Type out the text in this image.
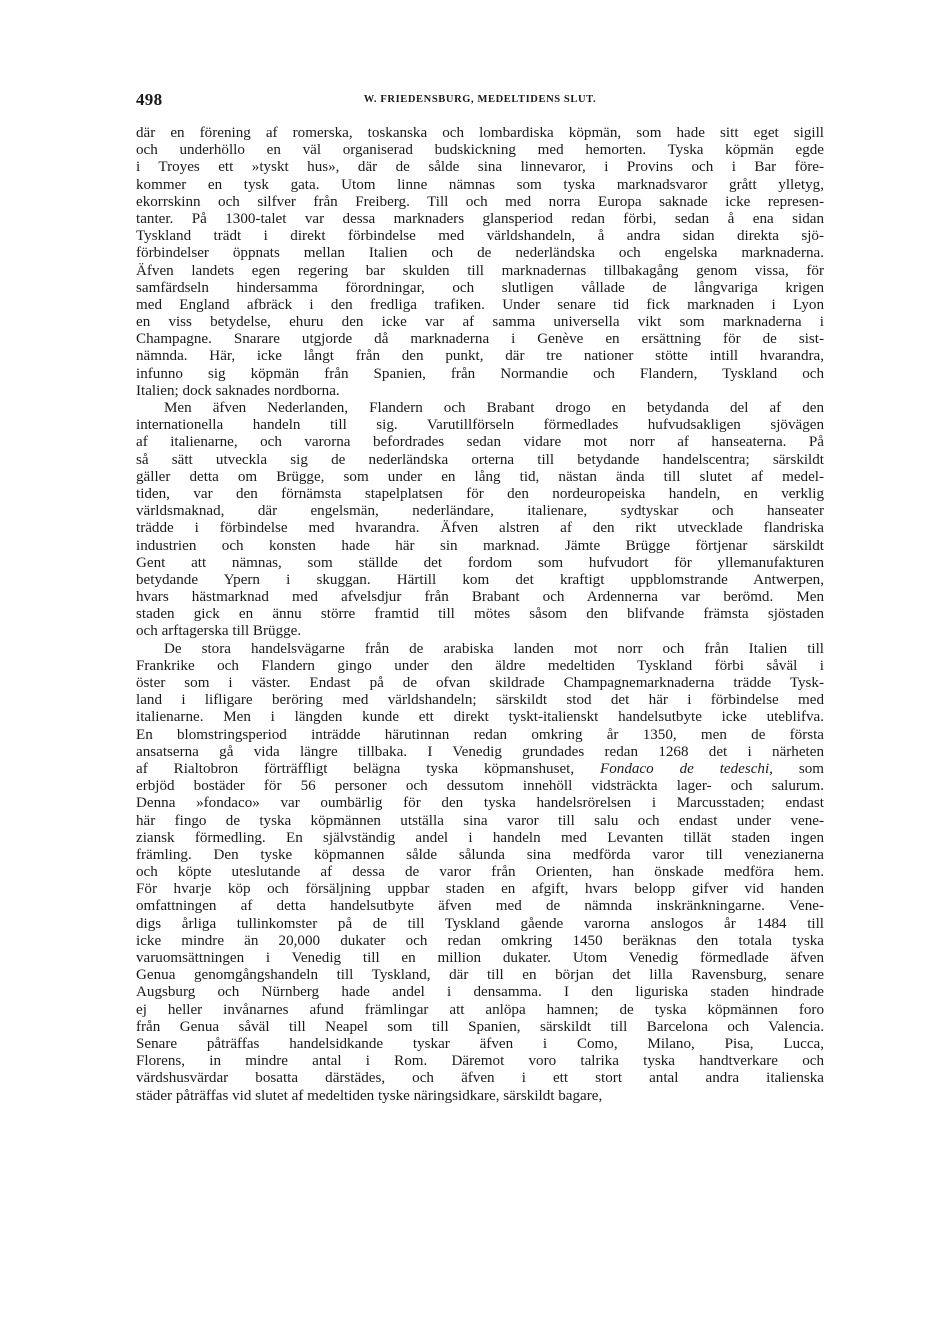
498	W. FRIEDENSBURG, MEDELTIDENS SLUT.
där en förening af romerska, toskanska och lombardiska köpmän, som hade sitt eget sigill
och underhöllo en väl organiserad budskickning med hemorten. Tyska köpmän egde
i Troyes ett »tyskt hus», där de sålde sina linnevaror, i Provins och i Bar före-
kommer en tysk gata. Utom linne nämnas som tyska marknadsvaror grått ylletyg,
ekorrskinn och silfver från Freiberg. Till och med norra Europa saknade icke represen-
tanter. På 1300-talet var dessa marknaders glansperiod redan förbi, sedan å ena sidan
Tyskland trädt i direkt förbindelse med världshandeln, å andra sidan direkta sjö-
förbindelser öppnats mellan Italien och de nederländska och engelska marknaderna.
Äfven landets egen regering bar skulden till marknadernas tillbakagång genom vissa, för
samfärdseln hindersamma förordningar, och slutligen vållade de långvariga krigen
med England afbräck i den fredliga trafiken. Under senare tid fick marknaden i Lyon
en viss betydelse, ehuru den icke var af samma universella vikt som marknaderna i
Champagne. Snarare utgjorde då marknaderna i Genève en ersättning för de sist-
nämnda. Här, icke långt från den punkt, där tre nationer stötte intill hvarandra,
infunno sig köpmän från Spanien, från Normandie och Flandern, Tyskland och
Italien; dock saknades nordborna.
Men äfven Nederlanden, Flandern och Brabant drogo en betydanda del af den
internationella handeln till sig. Varutillförseln förmedlades hufvudsakligen sjövägen
af italienarne, och varorna befordrades sedan vidare mot norr af hanseaterna. På
så sätt utveckla sig de nederländska orterna till betydande handelscentra; särskildt
gäller detta om Brügge, som under en lång tid, nästan ända till slutet af medel-
tiden, var den förnämsta stapelplatsen för den nordeuropeiska handeln, en verklig
världsmaknad, där engelsmän, nederländare, italienare, sydtyskar och hanseater
trädde i förbindelse med hvarandra. Äfven alstren af den rikt utvecklade flandriska
industrien och konsten hade här sin marknad. Jämte Brügge förtjenar särskildt
Gent att nämnas, som ställde det fordom som hufvudort för yllemanufakturen
betydande Ypern i skuggan. Härtill kom det kraftigt uppblomstrande Antwerpen,
hvars hästmarknad med afvelsdjur från Brabant och Ardennerna var berömd. Men
staden gick en ännu större framtid till mötes såsom den blifvande främsta sjöstaden
och arftagerska till Brügge.
De stora handelsvägarne från de arabiska landen mot norr och från Italien till
Frankrike och Flandern gingo under den äldre medeltiden Tyskland förbi såväl i
öster som i väster. Endast på de ofvan skildrade Champagnemarknaderna trädde Tysk-
land i lifligare beröring med världshandeln; särskildt stod det här i förbindelse med
italienarne. Men i längden kunde ett direkt tyskt-italienskt handelsutbyte icke uteblifva.
En blomstringsperiod inträdde härutinnan redan omkring år 1350, men de första
ansatserna gå vida längre tillbaka. I Venedig grundades redan 1268 det i närheten
af Rialtobron förträffligt belägna tyska köpmanshuset, Fondaco de tedeschi, som
erbjöd bostäder för 56 personer och dessutom innehöll vidsträckta lager- och salurum.
Denna »fondaco» var oumbärlig för den tyska handelsrörelsen i Marcusstaden; endast
här fingo de tyska köpmännen utställa sina varor till salu och endast under vene-
ziansk förmedling. En självständig andel i handeln med Levanten tillät staden ingen
främling. Den tyske köpmannen sålde sålunda sina medförda varor till venezianerna
och köpte uteslutande af dessa de varor från Orienten, han önskade medföra hem.
För hvarje köp och försäljning uppbar staden en afgift, hvars belopp gifver vid handen
omfattningen af detta handelsutbyte äfven med de nämnda inskränkningarne. Vene-
digs årliga tullinkomster på de till Tyskland gående varorna anslogos år 1484 till
icke mindre än 20,000 dukater och redan omkring 1450 beräknas den totala tyska
varuomsättningen i Venedig till en million dukater. Utom Venedig förmedlade äfven
Genua genomgångshandeln till Tyskland, där till en början det lilla Ravensburg, senare
Augsburg och Nürnberg hade andel i densamma. I den liguriska staden hindrade
ej heller invånarnes afund främlingar att anlöpa hamnen; de tyska köpmännen foro
från Genua såväl till Neapel som till Spanien, särskildt till Barcelona och Valencia.
Senare påträffas handelsidkande tyskar äfven i Como, Milano, Pisa, Lucca,
Florens, in mindre antal i Rom. Däremot voro talrika tyska handtverkare och
värdshusvärdar bosatta därstädes, och äfven i ett stort antal andra italienska
städer påträffas vid slutet af medeltiden tyske näringsidkare, särskildt bagare,
